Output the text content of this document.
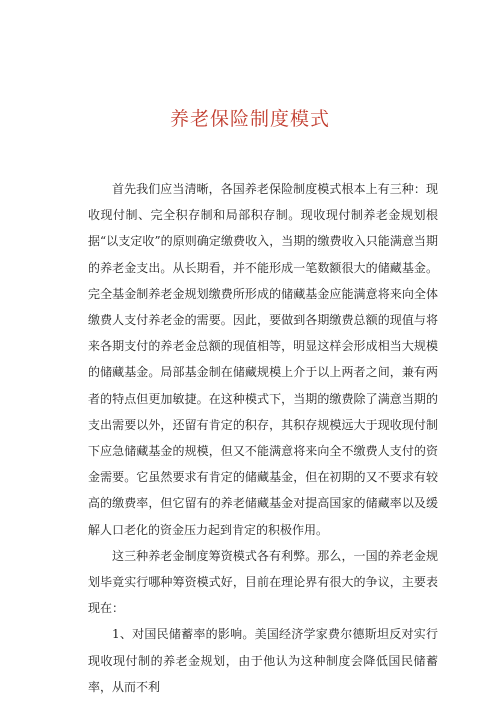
养老保险制度模式

首先我们应当清晰，各国养老保险制度模式根本上有三种：现收现付制、完全积存制和局部积存制。现收现付制养老金规划根据“以支定收”的原则确定缴费收入，当期的缴费收入只能满意当期的养老金支出。从长期看，并不能形成一笔数额很大的储藏基金。完全基金制养老金规划缴费所形成的储藏基金应能满意将来向全体缴费人支付养老金的需要。因此，要做到各期缴费总额的现值与将来各期支付的养老金总额的现值相等，明显这样会形成相当大规模的储藏基金。局部基金制在储藏规模上介于以上两者之间，兼有两者的特点但更加敏捷。在这种模式下，当期的缴费除了满意当期的支出需要以外，还留有肯定的积存，其积存规模远大于现收现付制下应急储藏基金的规模，但又不能满意将来向全不缴费人支付的资金需要。它虽然要求有肯定的储藏基金，但在初期的又不要求有较高的缴费率，但它留有的养老储藏基金对提高国家的储藏率以及缓解人口老化的资金压力起到肯定的积极作用。

这三种养老金制度筹资模式各有利弊。那么，一国的养老金规划毕竟实行哪种筹资模式好，目前在理论界有很大的争议，主要表现在：

1、对国民储蓄率的影响。美国经济学家费尔德斯坦反对实行现收现付制的养老金规划，由于他认为这种制度会降低国民储蓄率，从而不利
